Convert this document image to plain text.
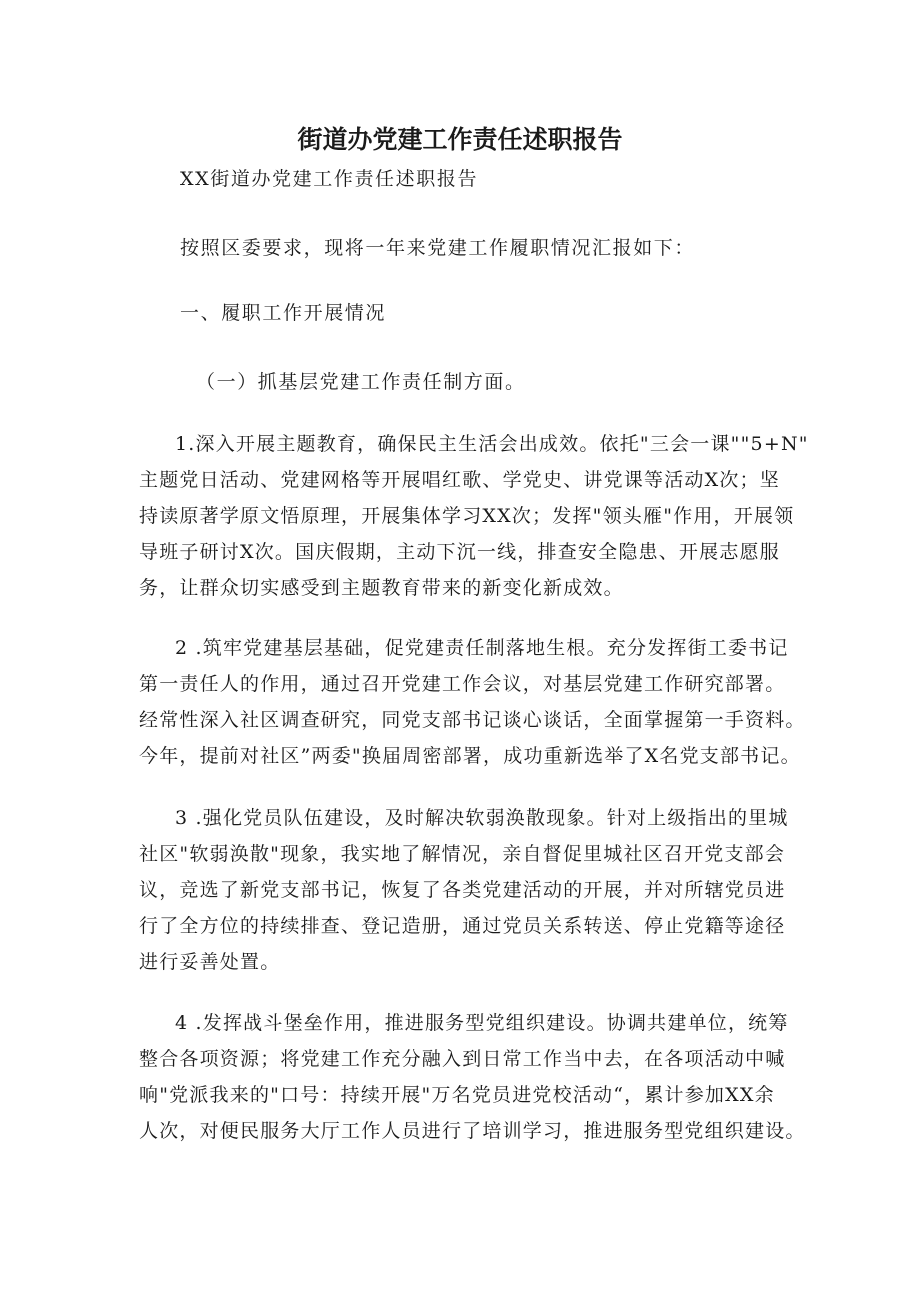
街道办党建工作责任述职报告

XX街道办党建工作责任述职报告

按照区委要求，现将一年来党建工作履职情况汇报如下：

一、履职工作开展情况

（一）抓基层党建工作责任制方面。

1.深入开展主题教育，确保民主生活会出成效。依托"三会一课""5+N"
主题党日活动、党建网格等开展唱红歌、学党史、讲党课等活动X次；坚
持读原著学原文悟原理，开展集体学习XX次；发挥"领头雁"作用，开展领
导班子研讨X次。国庆假期，主动下沉一线，排查安全隐患、开展志愿服
务，让群众切实感受到主题教育带来的新变化新成效。

2 .筑牢党建基层基础，促党建责任制落地生根。充分发挥街工委书记
第一责任人的作用，通过召开党建工作会议，对基层党建工作研究部署。
经常性深入社区调查研究，同党支部书记谈心谈话，全面掌握第一手资料。
今年，提前对社区”两委"换届周密部署，成功重新选举了X名党支部书记。

3 .强化党员队伍建设，及时解决软弱涣散现象。针对上级指出的里城
社区"软弱涣散"现象，我实地了解情况，亲自督促里城社区召开党支部会
议，竞选了新党支部书记，恢复了各类党建活动的开展，并对所辖党员进
行了全方位的持续排查、登记造册，通过党员关系转送、停止党籍等途径
进行妥善处置。

4 .发挥战斗堡垒作用，推进服务型党组织建设。协调共建单位，统筹
整合各项资源；将党建工作充分融入到日常工作当中去，在各项活动中喊
响"党派我来的"口号：持续开展"万名党员进党校活动“，累计参加XX余
人次，对便民服务大厅工作人员进行了培训学习，推进服务型党组织建设。
